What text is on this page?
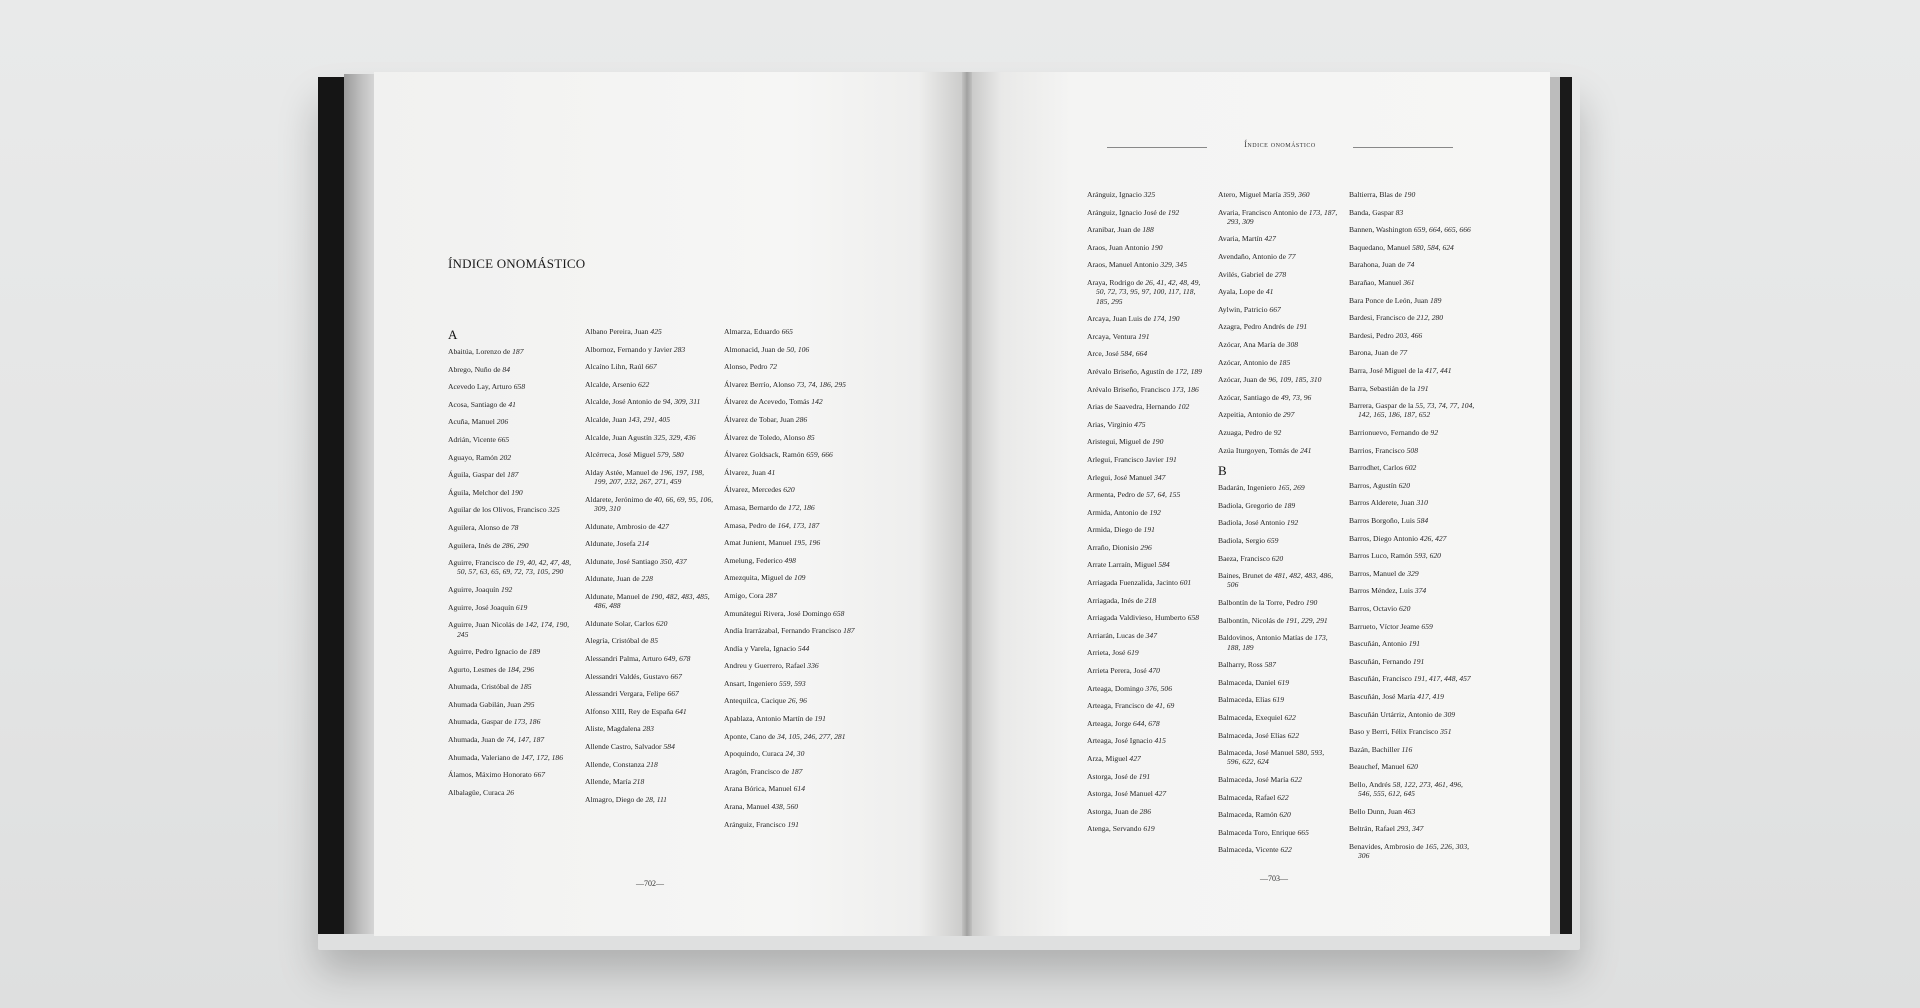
ÍNDICE ONOMÁSTICO
Índice onomástico
A
Abaitúa, Lorenzo de 187
Abrego, Nuño de 84
Acevedo Lay, Arturo 658
Acosa, Santiago de 41
Acuña, Manuel 206
Adrián, Vicente 665
Aguayo, Ramón 202
Águila, Gaspar del 187
Águila, Melchor del 190
Aguilar de los Olivos, Francisco 325
Aguilera, Alonso de 78
Aguilera, Inés de 286, 290
Aguirre, Francisco de 19, 40, 42, 47, 48, 50, 57, 63, 65, 69, 72, 73, 105, 290
Aguirre, Joaquín 192
Aguirre, José Joaquín 619
Aguirre, Juan Nicolás de 142, 174, 190, 245
Aguirre, Pedro Ignacio de 189
Agurto, Lesmes de 184, 296
Ahumada, Cristóbal de 185
Ahumada Gabilán, Juan 295
Ahumada, Gaspar de 173, 186
Ahumada, Juan de 74, 147, 187
Ahumada, Valeriano de 147, 172, 186
Álamos, Máximo Honorato 667
Albalagüe, Curaca 26
Albano Pereira, Juan 425
Albornoz, Fernando y Javier 283
Alcaíno Lihn, Raúl 667
Alcalde, Arsenio 622
Alcalde, José Antonio de 94, 309, 311
Alcalde, Juan 143, 291, 405
Alcalde, Juan Agustín 325, 329, 436
Alcérreca, José Miguel 579, 580
Alday Astée, Manuel de 196, 197, 198, 199, 207, 232, 267, 271, 459
Aldarete, Jerónimo de 40, 66, 69, 95, 106, 309, 310
Aldunate, Ambrosio de 427
Aldunate, Josefa 214
Aldunate, José Santiago 350, 437
Aldunate, Juan de 228
Aldunate, Manuel de 190, 482, 483, 485, 486, 488
Aldunate Solar, Carlos 620
Alegría, Cristóbal de 85
Alessandri Palma, Arturo 649, 678
Alessandri Valdés, Gustavo 667
Alessandri Vergara, Felipe 667
Alfonso XIII, Rey de España 641
Aliste, Magdalena 283
Allende Castro, Salvador 584
Allende, Constanza 218
Allende, María 218
Almagro, Diego de 28, 111
Almarza, Eduardo 665
Almonacid, Juan de 50, 106
Alonso, Pedro 72
Álvarez Berrío, Alonso 73, 74, 186, 295
Álvarez de Acevedo, Tomás 142
Álvarez de Tobar, Juan 286
Álvarez de Toledo, Alonso 85
Álvarez Goldsack, Ramón 659, 666
Álvarez, Juan 41
Álvarez, Mercedes 620
Amasa, Bernardo de 172, 186
Amasa, Pedro de 164, 173, 187
Amat Junient, Manuel 195, 196
Amelung, Federico 498
Amezquita, Miguel de 109
Amigo, Cora 287
Amunátegui Rivera, José Domingo 658
Andía Irarrázabal, Fernando Francisco 187
Andía y Varela, Ignacio 544
Andreu y Guerrero, Rafael 336
Ansart, Ingeniero 559, 593
Antequilca, Cacique 26, 96
Apablaza, Antonio Martín de 191
Aponte, Cano de 34, 105, 246, 277, 281
Apoquindo, Curaca 24, 30
Aragón, Francisco de 187
Arana Bórica, Manuel 614
Arana, Manuel 438, 560
Aránguiz, Francisco 191
Aránguiz, Ignacio 325
Aránguiz, Ignacio José de 192
Aranibar, Juan de 188
Araos, Juan Antonio 190
Araos, Manuel Antonio 329, 345
Araya, Rodrigo de 26, 41, 42, 48, 49, 50, 72, 73, 95, 97, 100, 117, 118, 185, 295
Arcaya, Juan Luis de 174, 190
Arcaya, Ventura 191
Arce, José 584, 664
Arévalo Briseño, Agustín de 172, 189
Arévalo Briseño, Francisco 173, 186
Arias de Saavedra, Hernando 102
Arias, Virginio 475
Aristegui, Miguel de 190
Arlegui, Francisco Javier 191
Arlegui, José Manuel 347
Armenta, Pedro de 57, 64, 155
Armida, Antonio de 192
Armida, Diego de 191
Arraño, Dionisio 296
Arrate Larraín, Miguel 584
Arriagada Fuenzalida, Jacinto 601
Arriagada, Inés de 218
Arriagada Valdivieso, Humberto 658
Arriarán, Lucas de 347
Arrieta, José 619
Arrieta Perera, José 470
Arteaga, Domingo 376, 506
Arteaga, Francisco de 41, 69
Arteaga, Jorge 644, 678
Arteaga, José Ignacio 415
Arza, Miguel 427
Astorga, José de 191
Astorga, José Manuel 427
Astorga, Juan de 286
Atenga, Servando 619
Atero, Miguel María 359, 360
Avaria, Francisco Antonio de 173, 187, 293, 309
Avaria, Martín 427
Avendaño, Antonio de 77
Avilés, Gabriel de 278
Ayala, Lope de 41
Aylwin, Patricio 667
Azagra, Pedro Andrés de 191
Azócar, Ana María de 308
Azócar, Antonio de 185
Azócar, Juan de 96, 109, 185, 310
Azócar, Santiago de 49, 73, 96
Azpeitia, Antonio de 297
Azuaga, Pedro de 92
Azúa Iturgoyen, Tomás de 241
B
Badarán, Ingeniero 165, 269
Badiola, Gregorio de 189
Badiola, José Antonio 192
Badiola, Sergio 659
Baeza, Francisco 620
Baines, Brunet de 481, 482, 483, 486, 506
Balbontín de la Torre, Pedro 190
Balbontín, Nicolás de 191, 229, 291
Baldovinos, Antonio Matías de 173, 188, 189
Balharry, Ross 587
Balmaceda, Daniel 619
Balmaceda, Elías 619
Balmaceda, Exequiel 622
Balmaceda, José Elías 622
Balmaceda, José Manuel 580, 593, 596, 622, 624
Balmaceda, José María 622
Balmaceda, Rafael 622
Balmaceda, Ramón 620
Balmaceda Toro, Enrique 665
Balmaceda, Vicente 622
Baltierra, Blas de 190
Banda, Gaspar 83
Bannen, Washington 659, 664, 665, 666
Baquedano, Manuel 580, 584, 624
Barahona, Juan de 74
Barañao, Manuel 361
Bara Ponce de León, Juan 189
Bardesi, Francisco de 212, 280
Bardesi, Pedro 203, 466
Barona, Juan de 77
Barra, José Miguel de la 417, 441
Barra, Sebastián de la 191
Barrera, Gaspar de la 55, 73, 74, 77, 104, 142, 165, 186, 187, 652
Barrionuevo, Fernando de 92
Barrios, Francisco 508
Barrodhet, Carlos 602
Barros, Agustín 620
Barros Alderete, Juan 310
Barros Borgoño, Luis 584
Barros, Diego Antonio 426, 427
Barros Luco, Ramón 593, 620
Barros, Manuel de 329
Barros Méndez, Luis 374
Barros, Octavio 620
Barrueto, Víctor Jeame 659
Bascuñán, Antonio 191
Bascuñán, Fernando 191
Bascuñán, Francisco 191, 417, 448, 457
Bascuñán, José María 417, 419
Bascuñán Urtárriz, Antonio de 309
Baso y Berri, Félix Francisco 351
Bazán, Bachiller 116
Beauchef, Manuel 620
Bello, Andrés 58, 122, 273, 461, 496, 546, 555, 612, 645
Bello Dunn, Juan 463
Beltrán, Rafael 293, 347
Benavides, Ambrosio de 165, 226, 303, 306
—702—
—703—
